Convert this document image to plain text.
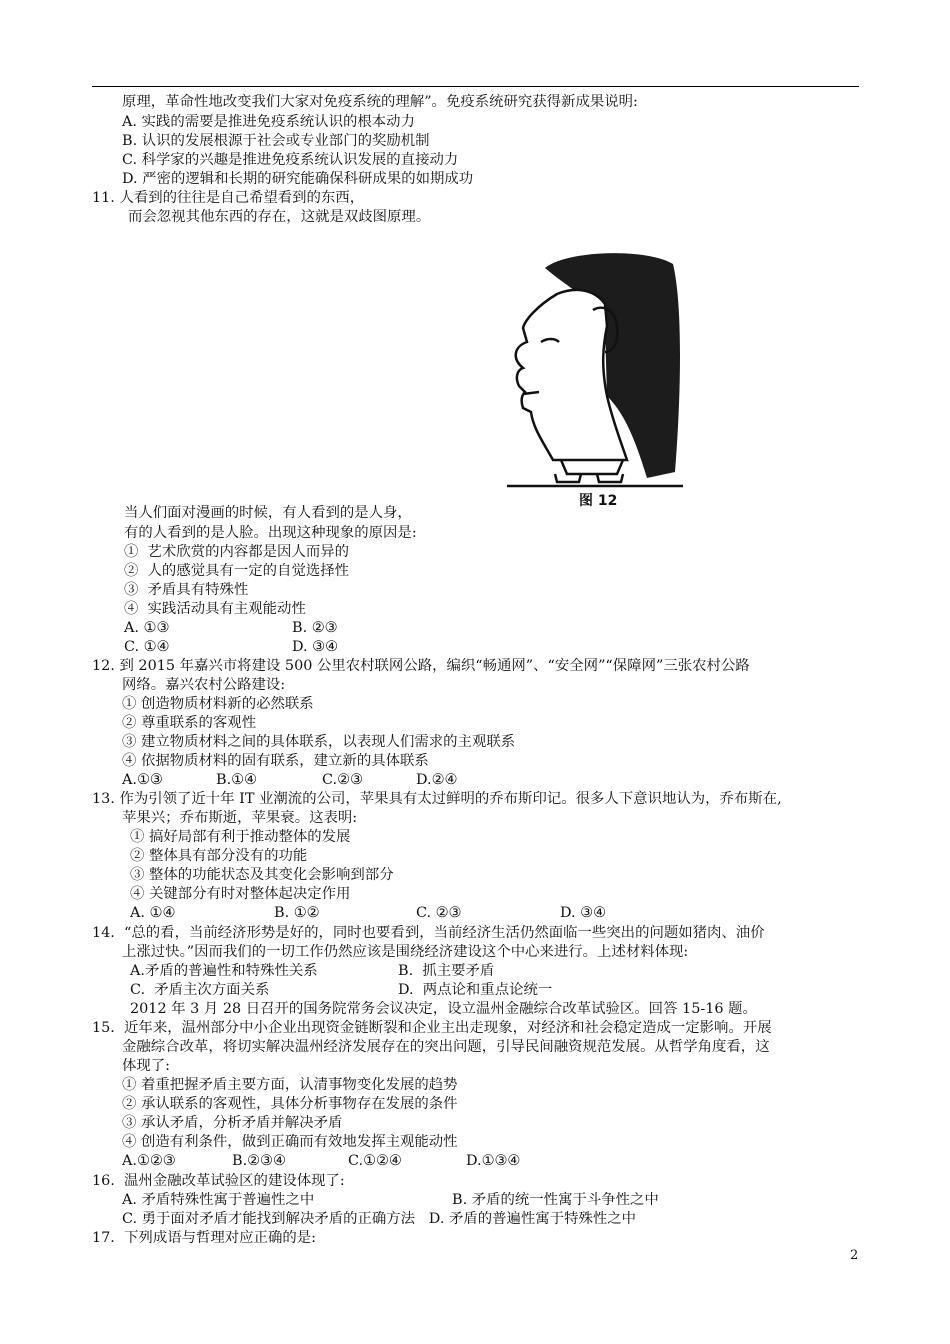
原理，革命性地改变我们大家对免疫系统的理解”。免疫系统研究获得新成果说明:
A. 实践的需要是推进免疫系统认识的根本动力
B. 认识的发展根源于社会或专业部门的奖励机制
C. 科学家的兴趣是推进免疫系统认识发展的直接动力
D. 严密的逻辑和长期的研究能确保科研成果的如期成功
11. 人看到的往往是自己希望看到的东西，
而会忽视其他东西的存在，这就是双歧图原理。
图 12
当人们面对漫画的时候，有人看到的是人身，
有的人看到的是人脸。出现这种现象的原因是:
①  艺术欣赏的内容都是因人而异的
②  人的感觉具有一定的自觉选择性
③  矛盾具有特殊性
④  实践活动具有主观能动性
A. ①③	B. ②③
C. ①④	D. ③④
12. 到 2015 年嘉兴市将建设 500 公里农村联网公路，编织“畅通网”、“安全网”“保障网”三张农村公路
网络。嘉兴农村公路建设:
① 创造物质材料新的必然联系
② 尊重联系的客观性
③ 建立物质材料之间的具体联系，以表现人们需求的主观联系
④ 依据物质材料的固有联系，建立新的具体联系
A.①③	B.①④	C.②③	D.②④
13. 作为引领了近十年 IT 业潮流的公司，苹果具有太过鲜明的乔布斯印记。很多人下意识地认为，乔布斯在,
苹果兴；乔布斯逝，苹果衰。这表明:
① 搞好局部有利于推动整体的发展
② 整体具有部分没有的功能
③ 整体的功能状态及其变化会影响到部分
④ 关键部分有时对整体起决定作用
A. ①④	B. ①②	C. ②③	D. ③④
14.  “总的看，当前经济形势是好的，同时也要看到，当前经济生活仍然面临一些突出的问题如猪肉、油价
上涨过快。”因而我们的一切工作仍然应该是围绕经济建设这个中心来进行。上述材料体现:
A.矛盾的普遍性和特殊性关系	B.  抓主要矛盾
C.  矛盾主次方面关系	D.  两点论和重点论统一
2012 年 3 月 28 日召开的国务院常务会议决定，设立温州金融综合改革试验区。回答 15-16 题。
15.  近年来，温州部分中小企业出现资金链断裂和企业主出走现象，对经济和社会稳定造成一定影响。开展
金融综合改革，将切实解决温州经济发展存在的突出问题，引导民间融资规范发展。从哲学角度看，这
体现了:
① 着重把握矛盾主要方面，认清事物变化发展的趋势
② 承认联系的客观性，具体分析事物存在发展的条件
③ 承认矛盾，分析矛盾并解决矛盾
④ 创造有利条件，做到正确而有效地发挥主观能动性
A.①②③	B.②③④	C.①②④	D.①③④
16.  温州金融改革试验区的建设体现了:
A. 矛盾特殊性寓于普遍性之中	B. 矛盾的统一性寓于斗争性之中
C. 勇于面对矛盾才能找到解决矛盾的正确方法   D. 矛盾的普遍性寓于特殊性之中
17.  下列成语与哲理对应正确的是:
2
